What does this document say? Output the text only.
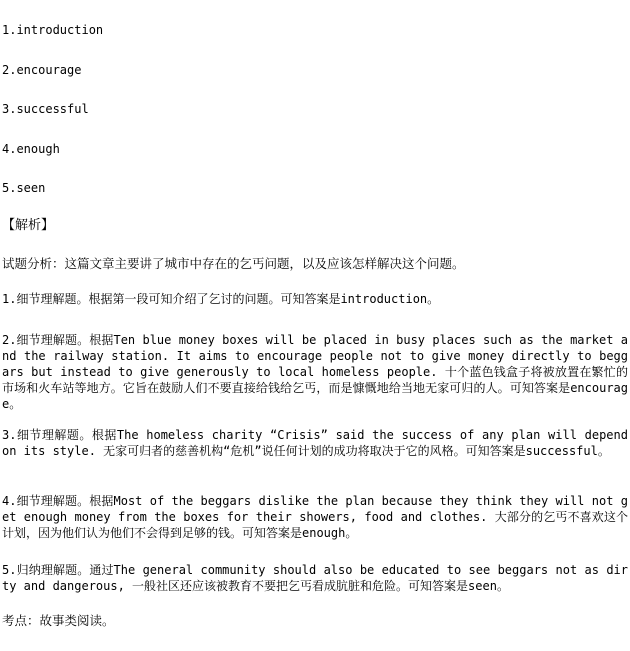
1.introduction
2.encourage
3.successful
4.enough
5.seen
【解析】
试题分析：这篇文章主要讲了城市中存在的乞丐问题，以及应该怎样解决这个问题。
1.细节理解题。根据第一段可知介绍了乞讨的问题。可知答案是introduction。
2.细节理解题。根据Ten blue money boxes will be placed in busy places such as the market and the railway station. It aims to encourage people not to give money directly to beggars but instead to give generously to local homeless people. 十个蓝色钱盒子将被放置在繁忙的市场和火车站等地方。它旨在鼓励人们不要直接给钱给乞丐，而是慷慨地给当地无家可归的人。可知答案是encourage。
3.细节理解题。根据The homeless charity “Crisis” said the success of any plan will depend on its style. 无家可归者的慈善机构“危机”说任何计划的成功将取决于它的风格。可知答案是successful。
4.细节理解题。根据Most of the beggars dislike the plan because they think they will not get enough money from the boxes for their showers, food and clothes. 大部分的乞丐不喜欢这个计划，因为他们认为他们不会得到足够的钱。可知答案是enough。
5.归纳理解题。通过The general community should also be educated to see beggars not as dirty and dangerous, 一般社区还应该被教育不要把乞丐看成肮脏和危险。可知答案是seen。
考点：故事类阅读。
